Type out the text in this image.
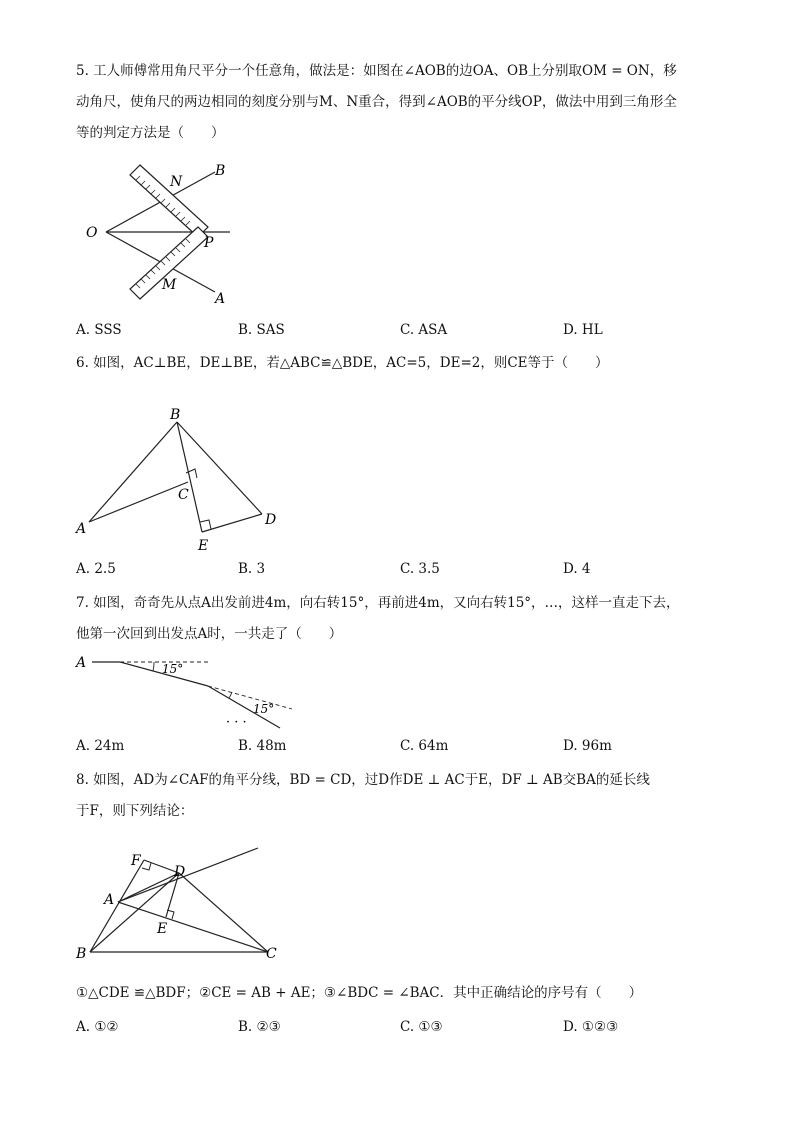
5. 工人师傅常用角尺平分一个任意角，做法是：如图在∠AOB的边OA、OB上分别取OM = ON，移

动角尺，使角尺的两边相同的刻度分别与M、N重合，得到∠AOB的平分线OP，做法中用到三角形全

等的判定方法是（　　）

B
N
O
P
M
A
A. SSS	B. SAS	C. ASA	D. HL

6. 如图，AC⊥BE，DE⊥BE，若△ABC≌△BDE，AC=5，DE=2，则CE等于（　　）

B
C
A
E
D
A. 2.5	B. 3	C. 3.5	D. 4

7. 如图，奇奇先从点A出发前进4m，向右转15°，再前进4m，又向右转15°，…，这样一直走下去，

他第一次回到出发点A时，一共走了（　　）

A	15°
15°
· · ·
A. 24m	B. 48m	C. 64m	D. 96m

8. 如图，AD为∠CAF的角平分线，BD = CD，过D作DE ⊥ AC于E，DF ⊥ AB交BA的延长线

于F，则下列结论：

F
D
A
E
B	C

①△CDE ≌△BDF；②CE = AB + AE；③∠BDC = ∠BAC．其中正确结论的序号有（　　）

A. ①②	B. ②③	C. ①③	D. ①②③
